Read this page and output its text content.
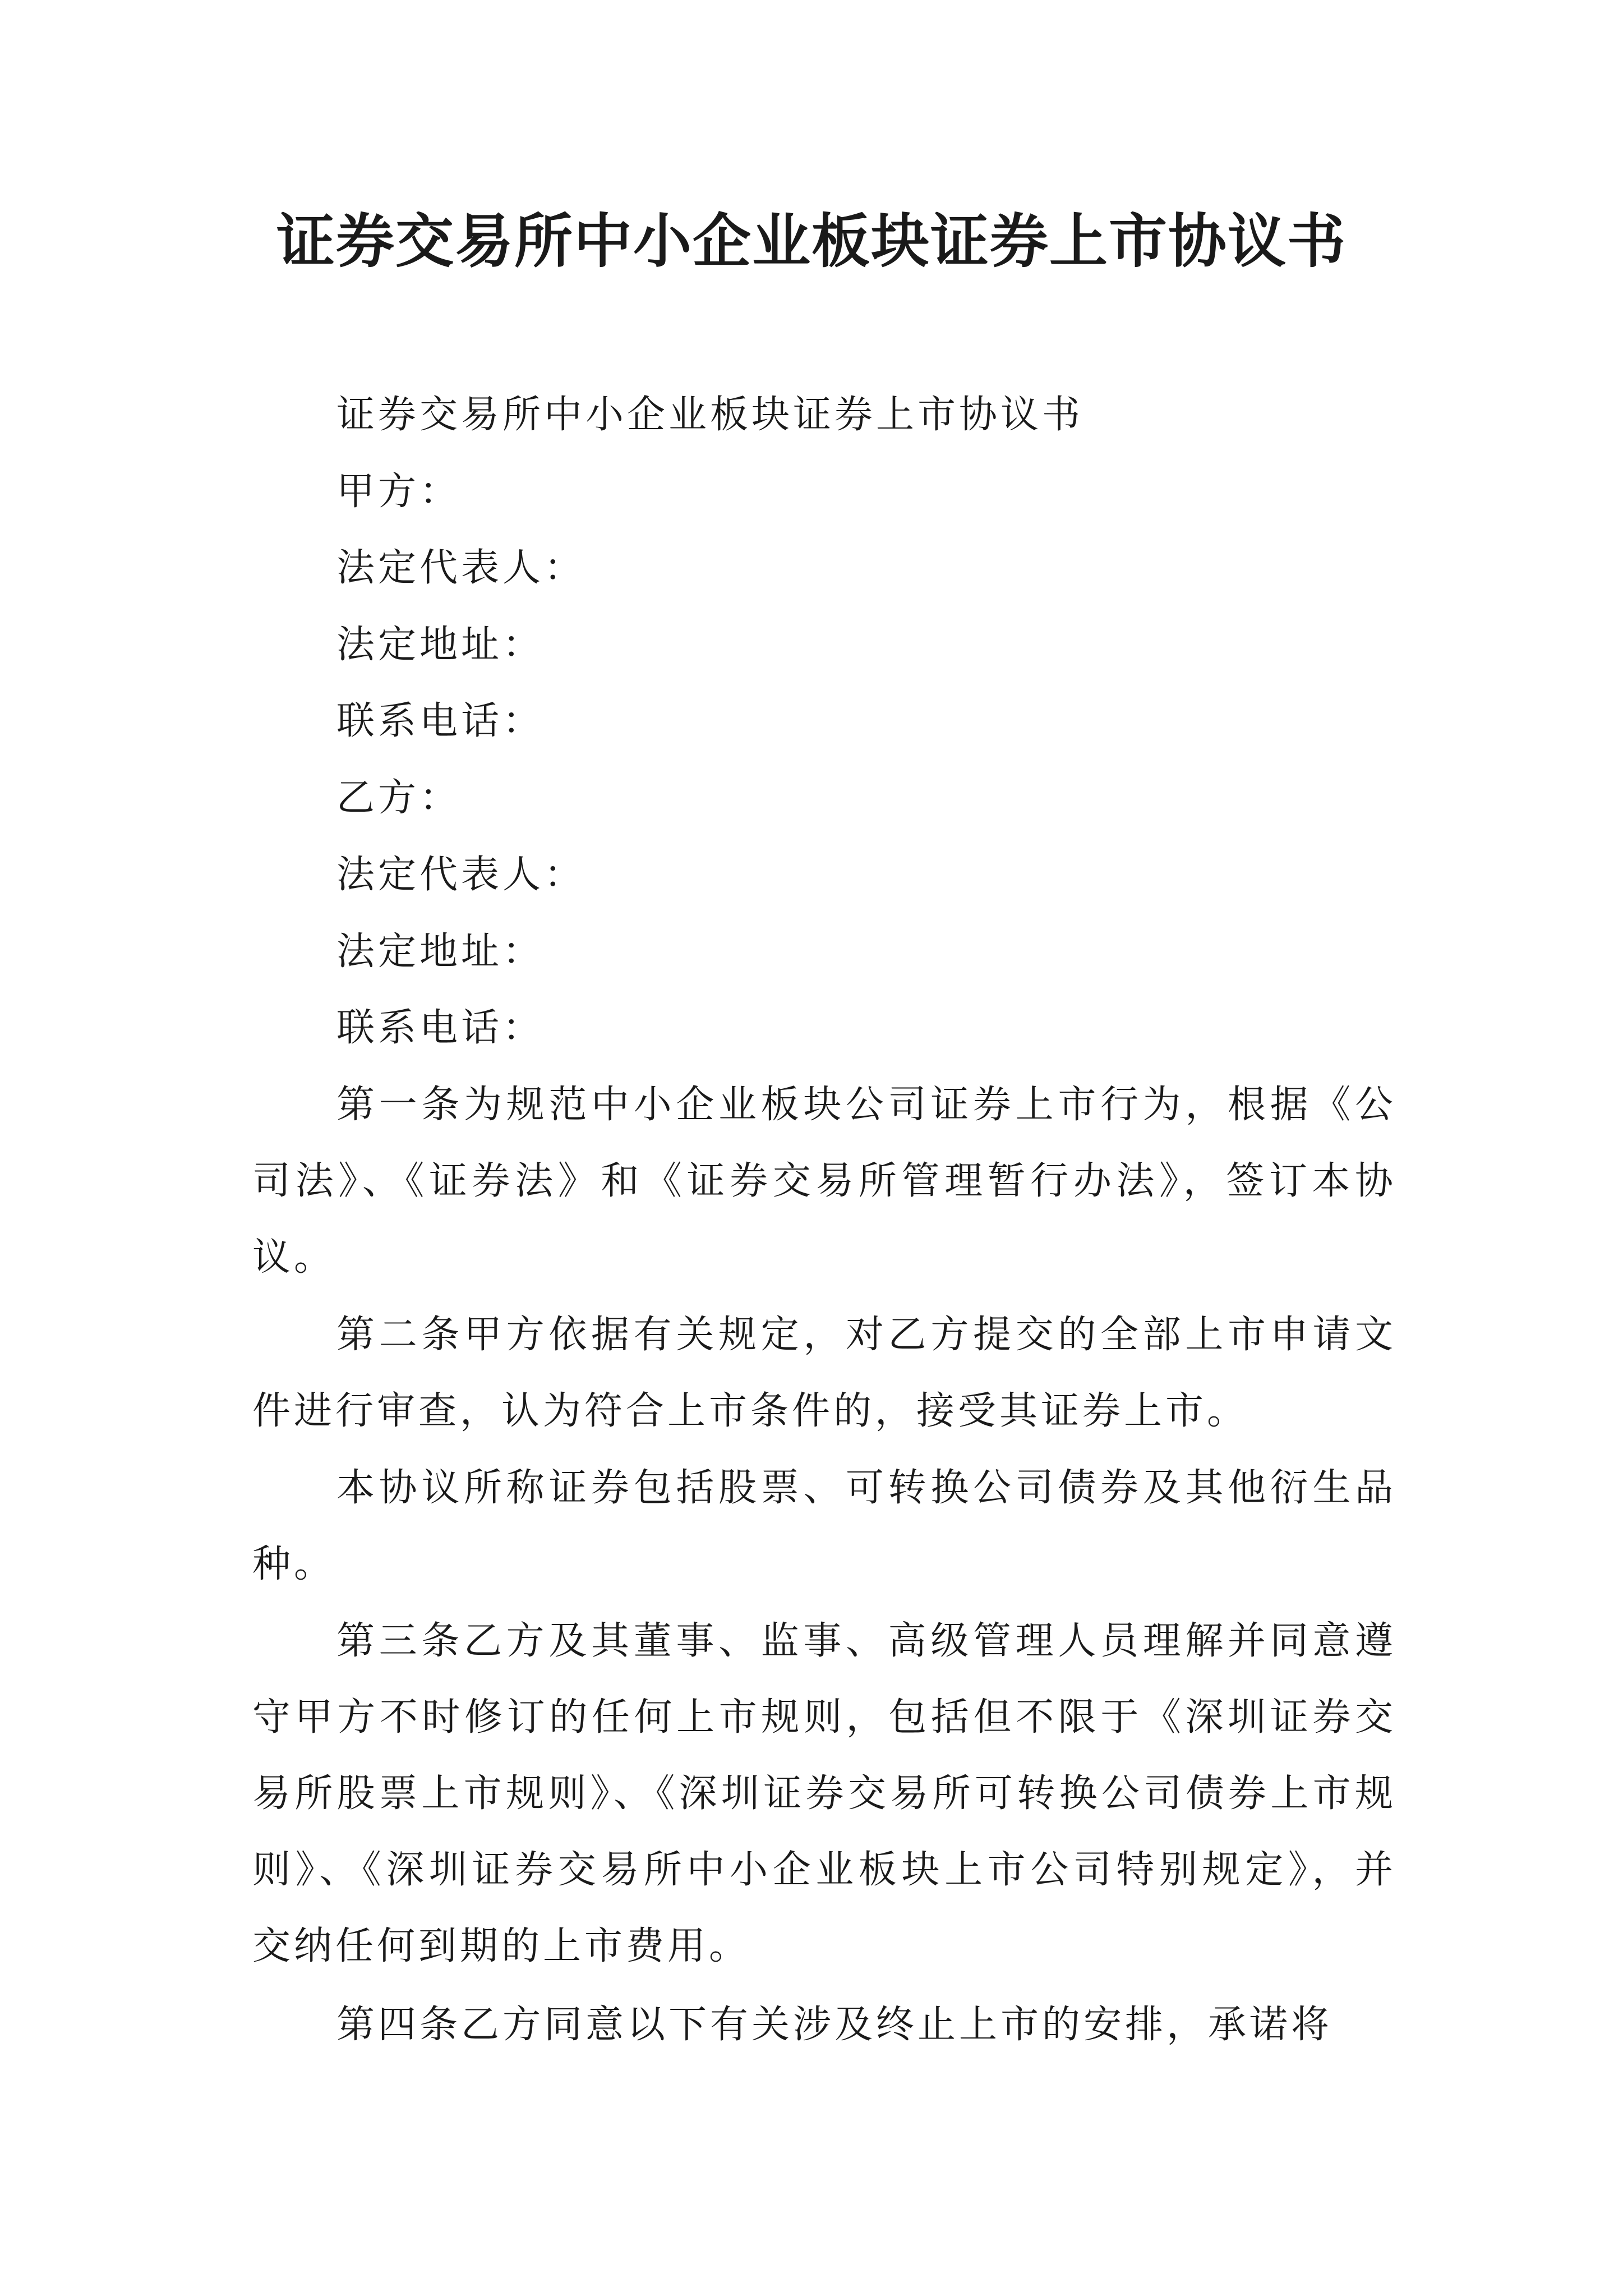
证券交易所中小企业板块证券上市协议书
证券交易所中小企业板块证券上市协议书
甲方：
法定代表人：
法定地址：
联系电话：
乙方：
法定代表人：
法定地址：
联系电话：

第一条为规范中小企业板块公司证券上市行为，根据《公司法》、《证券法》和《证券交易所管理暂行办法》，签订本协议。

第二条甲方依据有关规定，对乙方提交的全部上市申请文件进行审查，认为符合上市条件的，接受其证券上市。

本协议所称证券包括股票、可转换公司债券及其他衍生品种。

第三条乙方及其董事、监事、高级管理人员理解并同意遵守甲方不时修订的任何上市规则，包括但不限于《深圳证券交易所股票上市规则》、《深圳证券交易所可转换公司债券上市规则》、《深圳证券交易所中小企业板块上市公司特别规定》，并交纳任何到期的上市费用。

第四条乙方同意以下有关涉及终止上市的安排，承诺将
